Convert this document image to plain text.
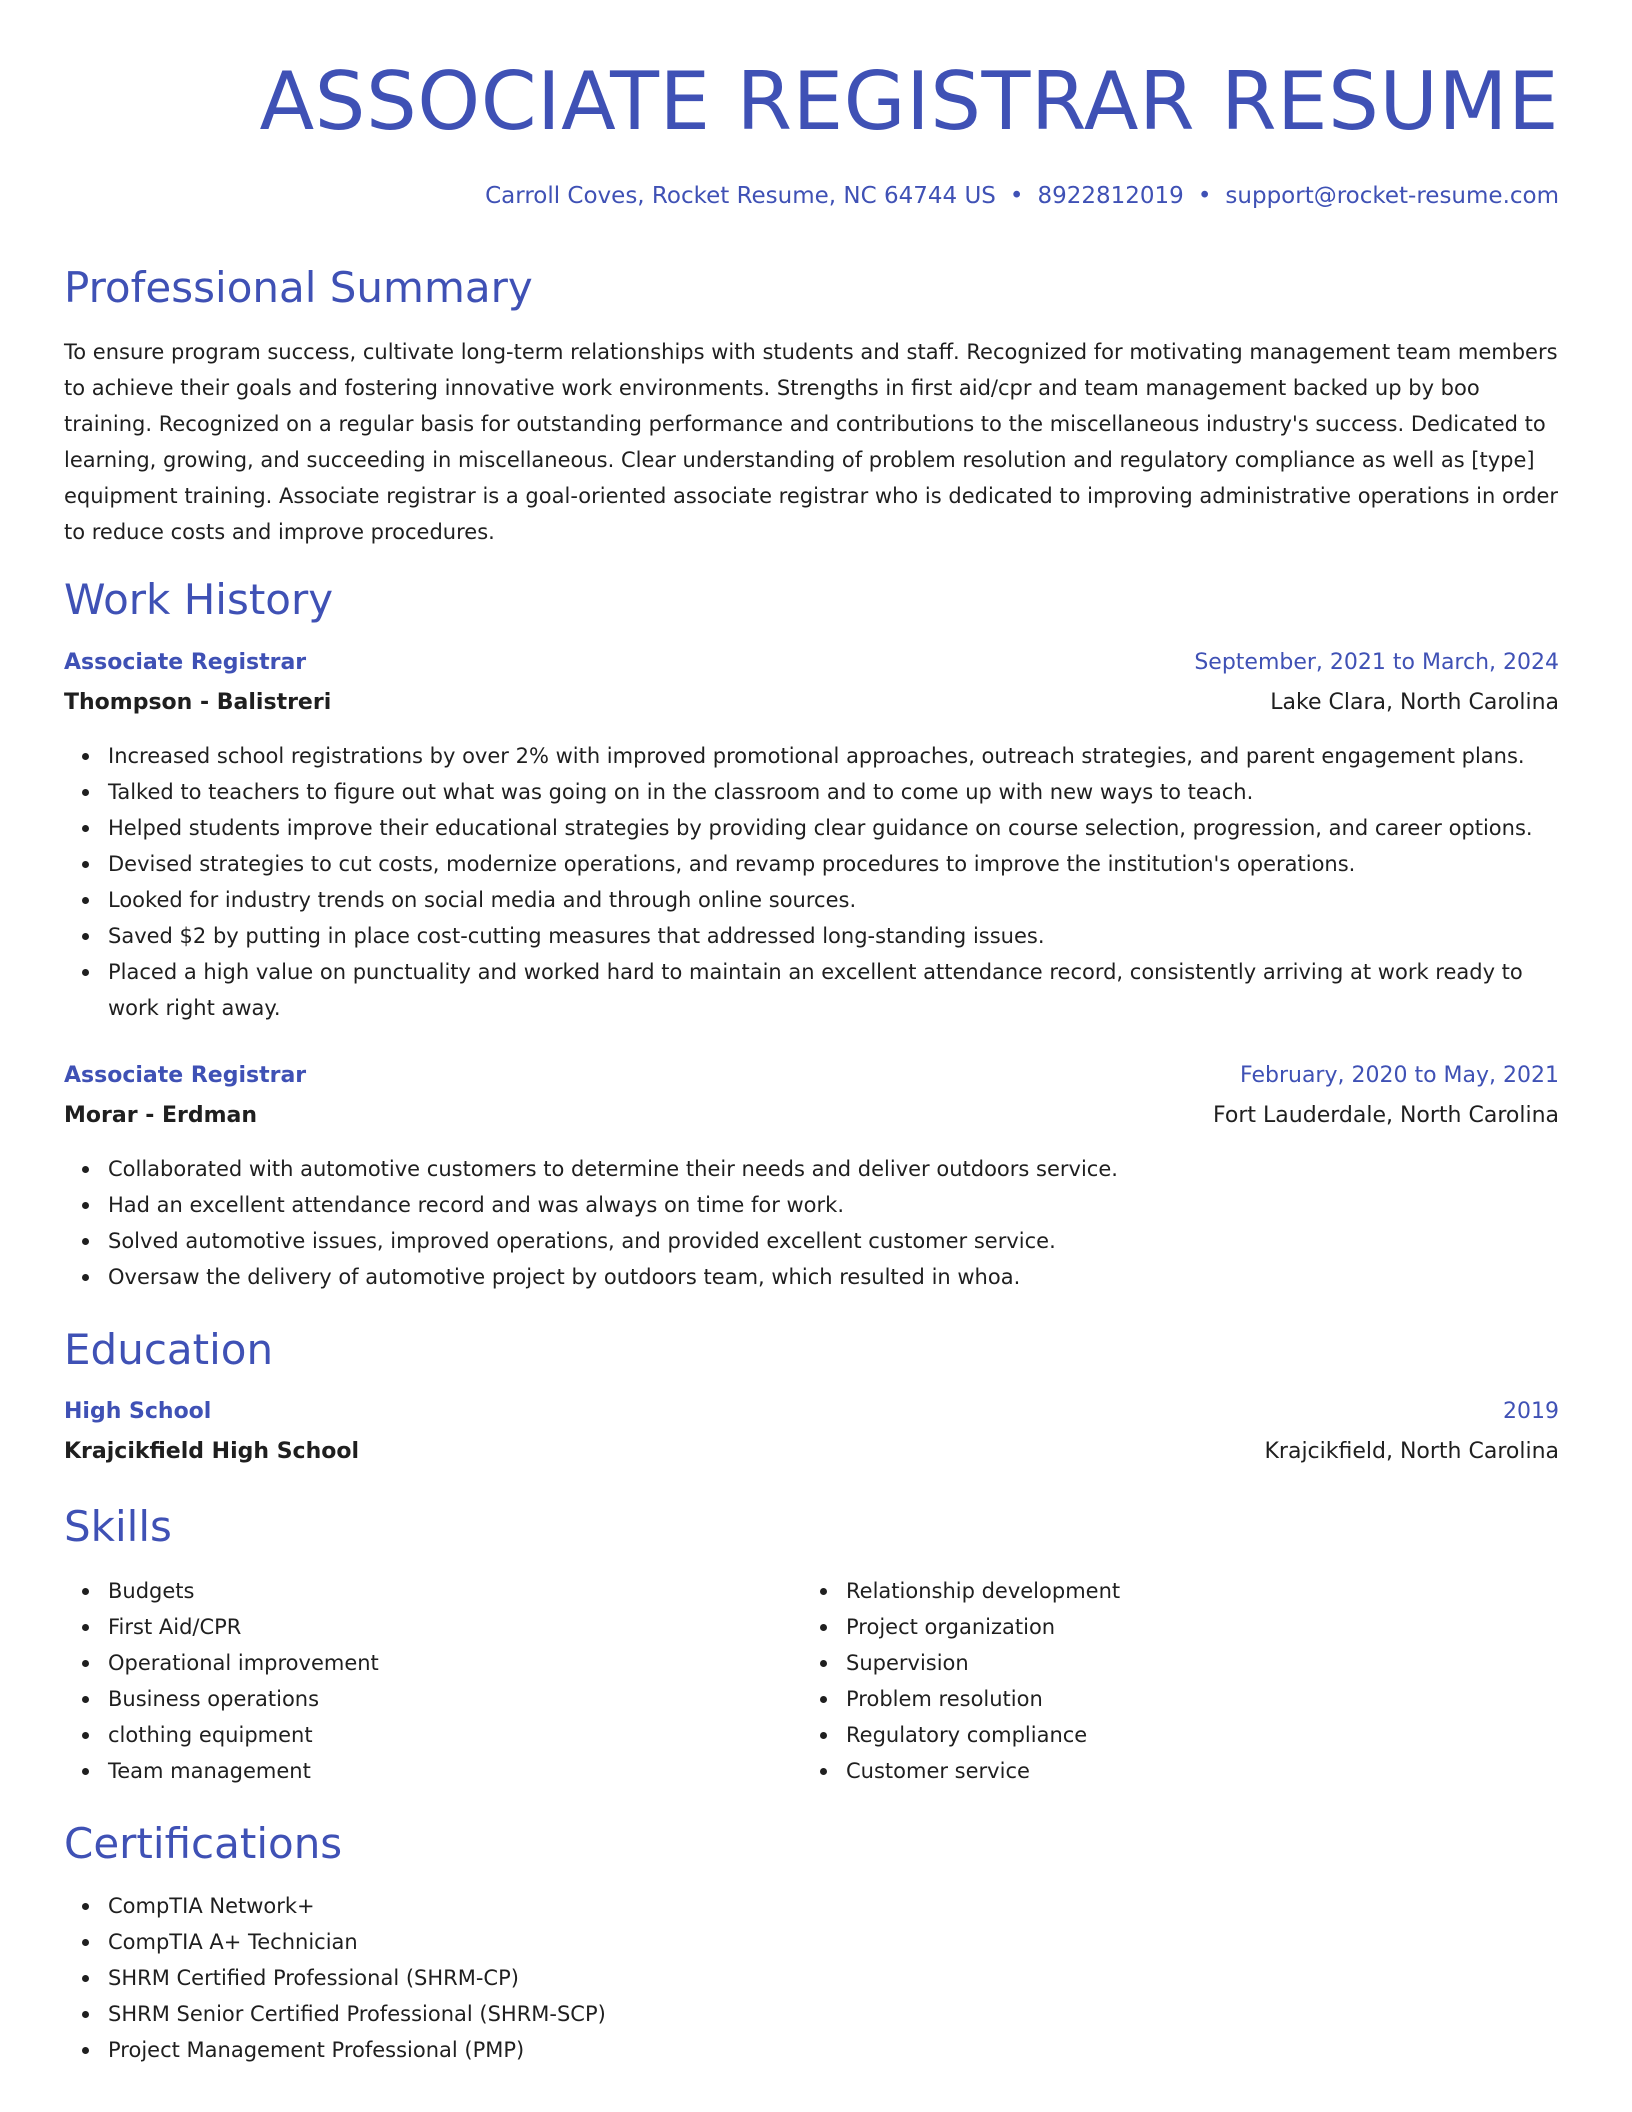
ASSOCIATE REGISTRAR RESUME
Carroll Coves, Rocket Resume, NC 64744 US • 8922812019 • support@rocket-resume.com
Professional Summary

To ensure program success, cultivate long-term relationships with students and staff. Recognized for motivating management team members to achieve their goals and fostering innovative work environments. Strengths in first aid/cpr and team management backed up by boo training. Recognized on a regular basis for outstanding performance and contributions to the miscellaneous industry's success. Dedicated to learning, growing, and succeeding in miscellaneous. Clear understanding of problem resolution and regulatory compliance as well as [type] equipment training. Associate registrar is a goal-oriented associate registrar who is dedicated to improving administrative operations in order to reduce costs and improve procedures.

Work History
Associate Registrar	September, 2021 to March, 2024
Thompson - Balistreri	Lake Clara, North Carolina
Increased school registrations by over 2% with improved promotional approaches, outreach strategies, and parent engagement plans.
Talked to teachers to figure out what was going on in the classroom and to come up with new ways to teach.
Helped students improve their educational strategies by providing clear guidance on course selection, progression, and career options.
Devised strategies to cut costs, modernize operations, and revamp procedures to improve the institution's operations.
Looked for industry trends on social media and through online sources.
Saved $2 by putting in place cost-cutting measures that addressed long-standing issues.
Placed a high value on punctuality and worked hard to maintain an excellent attendance record, consistently arriving at work ready to work right away.
Associate Registrar	February, 2020 to May, 2021
Morar - Erdman	Fort Lauderdale, North Carolina
Collaborated with automotive customers to determine their needs and deliver outdoors service.
Had an excellent attendance record and was always on time for work.
Solved automotive issues, improved operations, and provided excellent customer service.
Oversaw the delivery of automotive project by outdoors team, which resulted in whoa.
Education
High School	2019
Krajcikfield High School	Krajcikfield, North Carolina
Skills
Budgets
First Aid/CPR
Operational improvement
Business operations
clothing equipment
Team management
Relationship development
Project organization
Supervision
Problem resolution
Regulatory compliance
Customer service
Certifications
CompTIA Network+
CompTIA A+ Technician
SHRM Certified Professional (SHRM-CP)
SHRM Senior Certified Professional (SHRM-SCP)
Project Management Professional (PMP)
